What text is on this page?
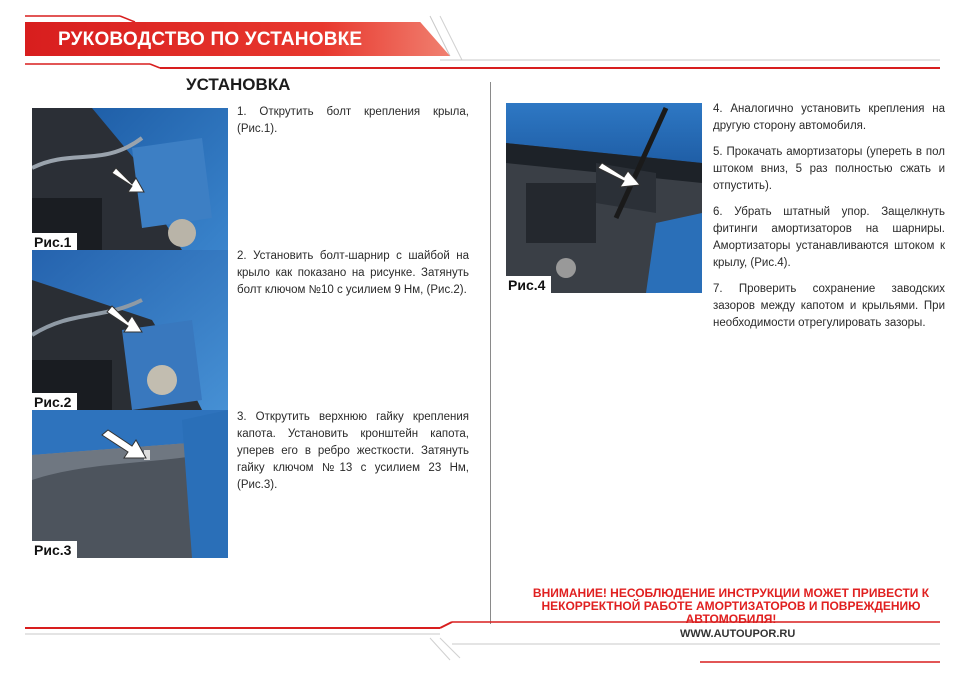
РУКОВОДСТВО ПО УСТАНОВКЕ
УСТАНОВКА
Рис.1
Рис.2
Рис.3
Рис.4
1. Открутить болт крепления крыла, (Рис.1).
2. Установить болт-шарнир с шайбой на крыло как показано на рисунке. Затянуть болт ключом №10 с усилием 9 Нм, (Рис.2).
3. Открутить верхнюю гайку крепления капота. Установить кронштейн капота, уперев его в ребро жесткости. Затянуть гайку ключом №13 с усилием 23 Нм, (Рис.3).
4. Аналогично установить крепления на другую сторону автомобиля.
5. Прокачать амортизаторы (упереть в пол штоком вниз, 5 раз полностью сжать и отпустить).
6. Убрать штатный упор. Защелкнуть фитинги амортизаторов на шарниры. Амортизаторы устанавливаются штоком к крылу, (Рис.4).
7. Проверить сохранение заводских зазоров между капотом и крыльями. При необходимости отрегулировать зазоры.
ВНИМАНИЕ! НЕСОБЛЮДЕНИЕ ИНСТРУКЦИИ МОЖЕТ ПРИВЕСТИ К НЕКОРРЕКТНОЙ РАБОТЕ АМОРТИЗАТОРОВ И ПОВРЕЖДЕНИЮ АВТОМОБИЛЯ!
WWW.AUTOUPOR.RU
